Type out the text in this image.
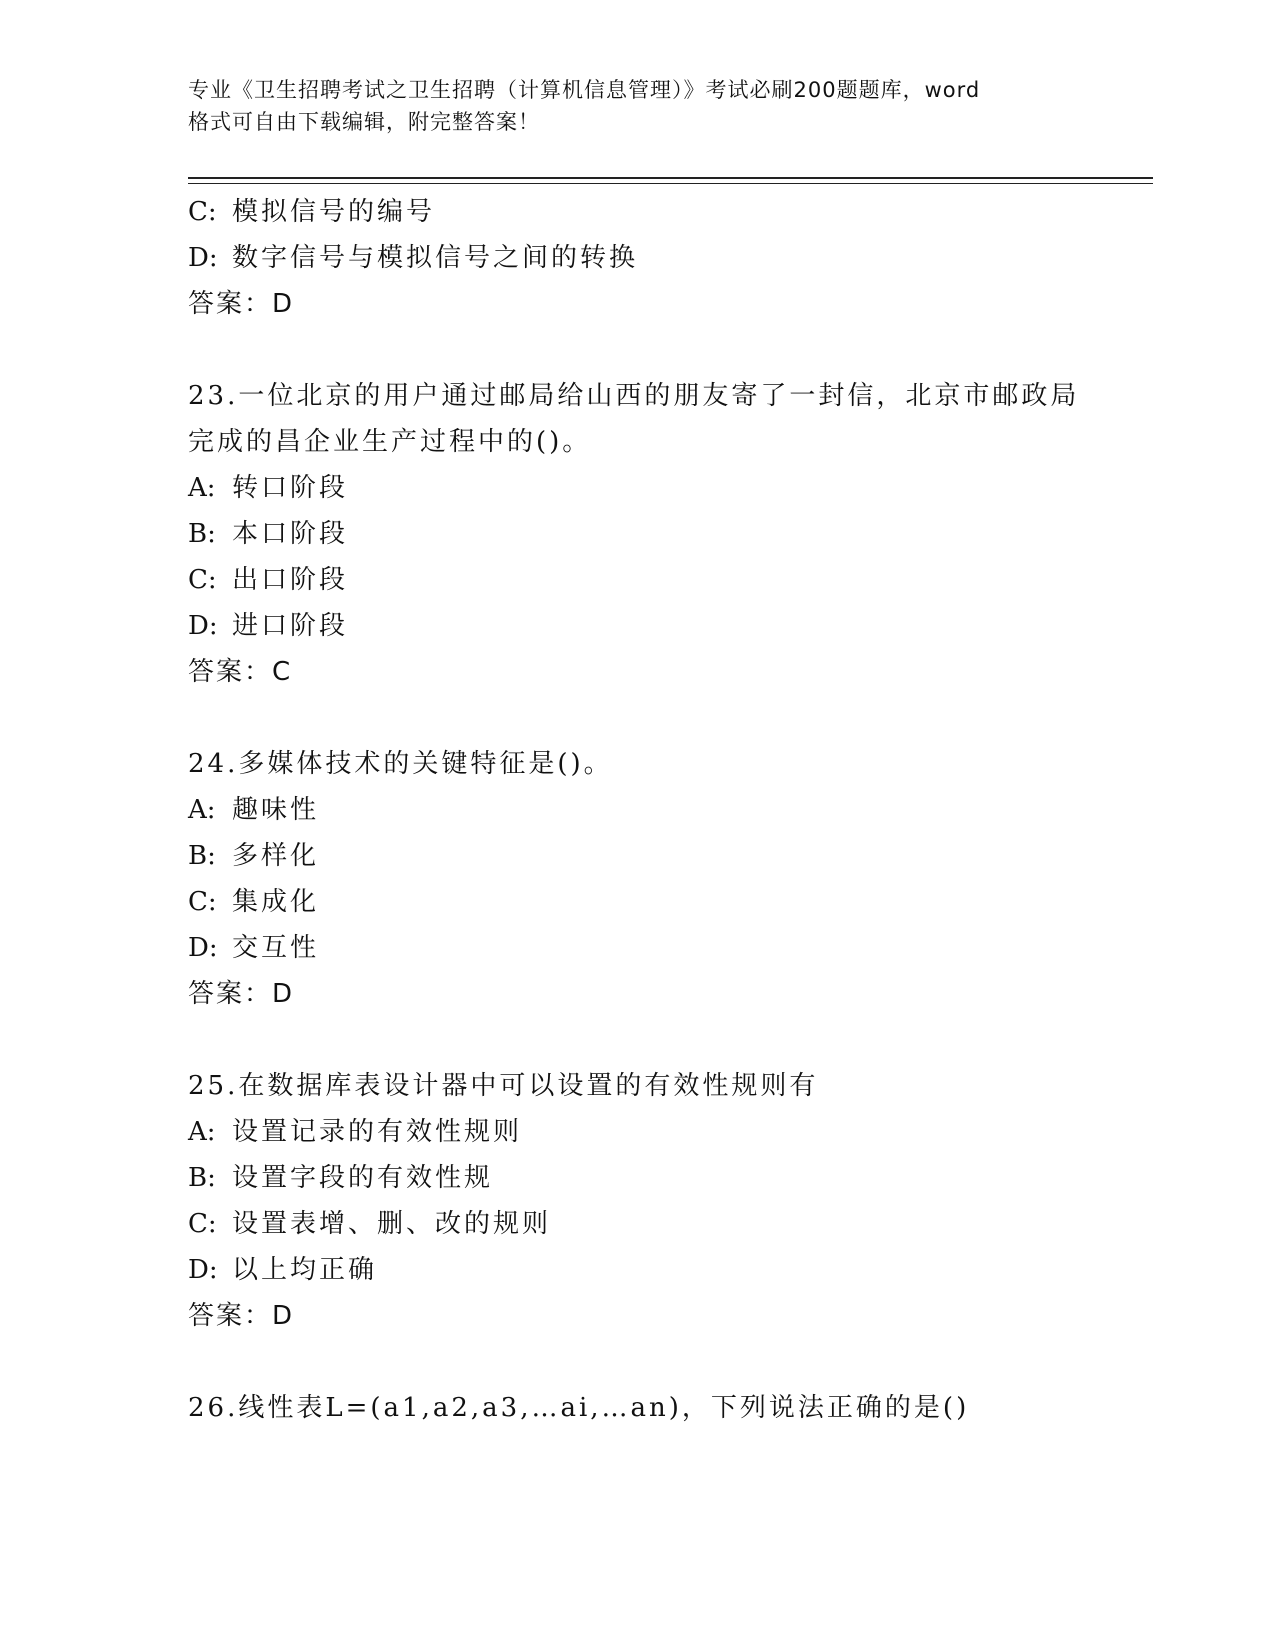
专业《卫生招聘考试之卫生招聘（计算机信息管理）》考试必刷200题题库，word
格式可自由下载编辑，附完整答案！
C: 模拟信号的编号
D: 数字信号与模拟信号之间的转换
答案：D
23.一位北京的用户通过邮局给山西的朋友寄了一封信，北京市邮政局
完成的昌企业生产过程中的()。
A: 转口阶段
B: 本口阶段
C: 出口阶段
D: 进口阶段
答案：C
24.多媒体技术的关键特征是()。
A: 趣味性
B: 多样化
C: 集成化
D: 交互性
答案：D
25.在数据库表设计器中可以设置的有效性规则有
A: 设置记录的有效性规则
B: 设置字段的有效性规
C: 设置表增、删、改的规则
D: 以上均正确
答案：D
26.线性表L=(a1,a2,a3,…ai,…an)，下列说法正确的是()
